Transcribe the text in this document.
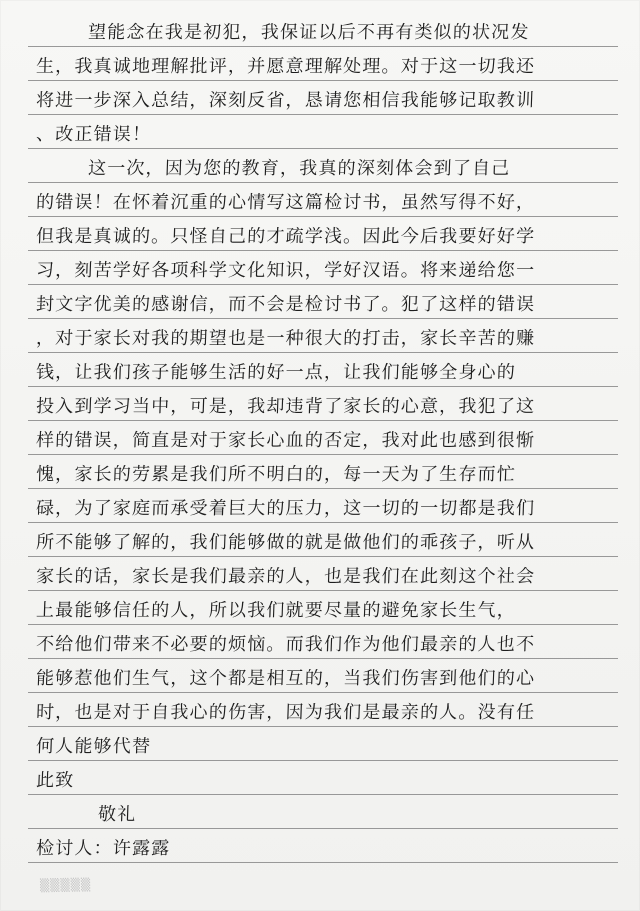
望能念在我是初犯，我保证以后不再有类似的状况发
生，我真诚地理解批评，并愿意理解处理。对于这一切我还
将进一步深入总结，深刻反省，恳请您相信我能够记取教训
、改正错误！
这一次，因为您的教育，我真的深刻体会到了自己
的错误！在怀着沉重的心情写这篇检讨书，虽然写得不好，
但我是真诚的。只怪自己的才疏学浅。因此今后我要好好学
习，刻苦学好各项科学文化知识，学好汉语。将来递给您一
封文字优美的感谢信，而不会是检讨书了。犯了这样的错误
，对于家长对我的期望也是一种很大的打击，家长辛苦的赚
钱，让我们孩子能够生活的好一点，让我们能够全身心的
投入到学习当中，可是，我却违背了家长的心意，我犯了这
样的错误，简直是对于家长心血的否定，我对此也感到很惭
愧，家长的劳累是我们所不明白的，每一天为了生存而忙
碌，为了家庭而承受着巨大的压力，这一切的一切都是我们
所不能够了解的，我们能够做的就是做他们的乖孩子，听从
家长的话，家长是我们最亲的人，也是我们在此刻这个社会
上最能够信任的人，所以我们就要尽量的避免家长生气，
不给他们带来不必要的烦恼。而我们作为他们最亲的人也不
能够惹他们生气，这个都是相互的，当我们伤害到他们的心
时，也是对于自我心的伤害，因为我们是最亲的人。没有任
何人能够代替
此致
敬礼
检讨人：许露露
▒▒▒▒▒
